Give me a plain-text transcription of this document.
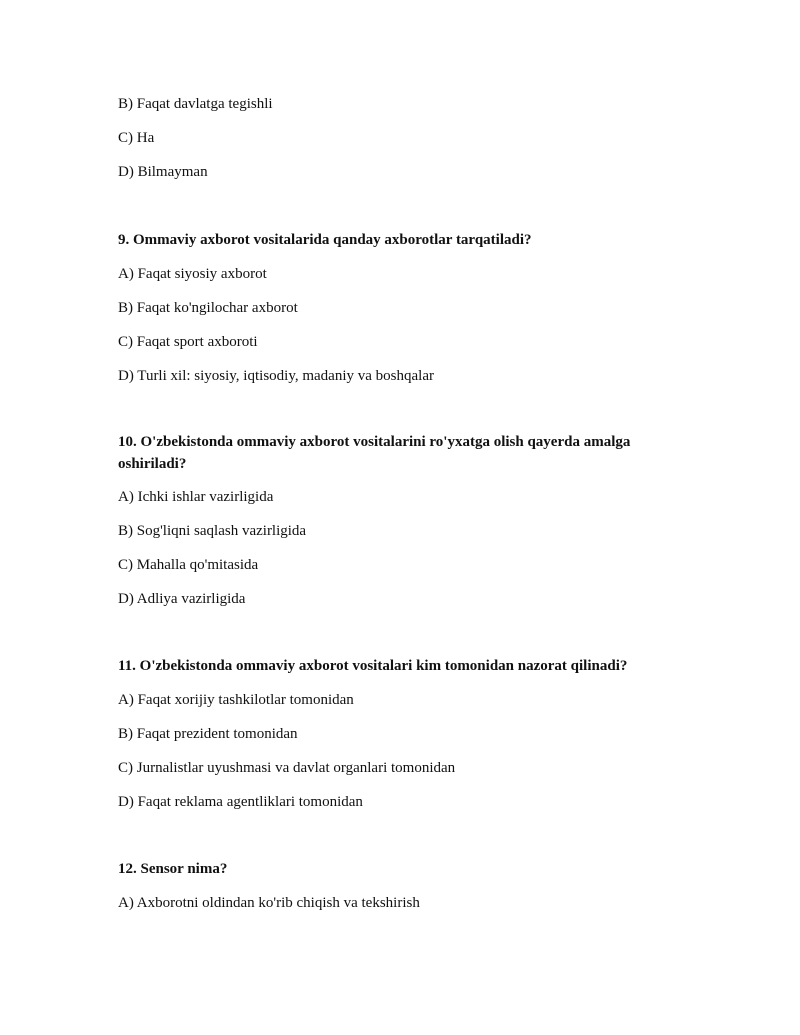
B) Faqat davlatga tegishli
C) Ha
D) Bilmayman
9. Ommaviy axborot vositalarida qanday axborotlar tarqatiladi?
A) Faqat siyosiy axborot
B) Faqat ko'ngilochar axborot
C) Faqat sport axboroti
D) Turli xil: siyosiy, iqtisodiy, madaniy va boshqalar
10. O'zbekistonda ommaviy axborot vositalarini ro'yxatga olish qayerda amalga oshiriladi?
A) Ichki ishlar vazirligida
B) Sog'liqni saqlash vazirligida
C) Mahalla qo'mitasida
D) Adliya vazirligida
11. O'zbekistonda ommaviy axborot vositalari kim tomonidan nazorat qilinadi?
A) Faqat xorijiy tashkilotlar tomonidan
B) Faqat prezident tomonidan
C) Jurnalistlar uyushmasi va davlat organlari tomonidan
D) Faqat reklama agentliklari tomonidan
12. Sensor nima?
A) Axborotni oldindan ko'rib chiqish va tekshirish
